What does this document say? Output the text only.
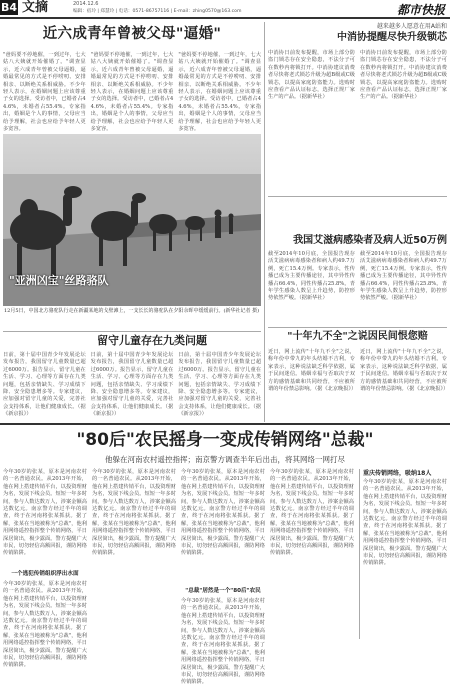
B4 文摘	2014.12.6
编辑：宿玲 | 郑慧玲 | 电话：0571-86757116 | E-mail：zhing0570@163.com	都市快报
近六成青年曾被父母"逼婚"
"爸妈要不停地催，一到过年，七大姑八大姨就开始催婚了。"调查显示，近六成青年曾被父母逼婚，逼婚最常见的方式是不停唠叨、安排相亲、以断绝关系相威胁。不少年轻人表示，在婚姻问题上应该尊重子女的选择。受访者中，已婚者占44.6%，未婚者占55.4%。专家指出，婚姻是个人的事情，父母应当给予理解，社会也应给予年轻人更多宽容。
"爸妈要不停地催，一到过年，七大姑八大姨就开始催婚了。"调查显示，近六成青年曾被父母逼婚，逼婚最常见的方式是不停唠叨、安排相亲、以断绝关系相威胁。不少年轻人表示，在婚姻问题上应该尊重子女的选择。受访者中，已婚者占44.6%，未婚者占55.4%。专家指出，婚姻是个人的事情，父母应当给予理解，社会也应给予年轻人更多宽容。
"爸妈要不停地催，一到过年，七大姑八大姨就开始催婚了。"调查显示，近六成青年曾被父母逼婚，逼婚最常见的方式是不停唠叨、安排相亲、以断绝关系相威胁。不少年轻人表示，在婚姻问题上应该尊重子女的选择。受访者中，已婚者占44.6%，未婚者占55.4%。专家指出，婚姻是个人的事情，父母应当给予理解，社会也应给予年轻人更多宽容。
"亚洲凶宝"丝路骆队
12月5日，中国北方骆驼队行走在新疆某地的戈壁滩上，一支长长的骆驼队在夕阳余晖中缓缓前行。(新华社记者 摄)
留守儿童存在九类问题
日前，第十届中国青少年发展论坛发布报告，我国留守儿童数量已超过6000万。报告显示，留守儿童在生活、学习、心理等方面存在九类问题，包括亲情缺失、学习成绩下降、安全隐患增多等。专家建议，应加强对留守儿童的关爱，完善社会支持体系，让他们健康成长。（据《新京报》）
日前，第十届中国青少年发展论坛发布报告，我国留守儿童数量已超过6000万。报告显示，留守儿童在生活、学习、心理等方面存在九类问题，包括亲情缺失、学习成绩下降、安全隐患增多等。专家建议，应加强对留守儿童的关爱，完善社会支持体系，让他们健康成长。（据《新京报》）
日前，第十届中国青少年发展论坛发布报告，我国留守儿童数量已超过6000万。报告显示，留守儿童在生活、学习、心理等方面存在九类问题，包括亲情缺失、学习成绩下降、安全隐患增多等。专家建议，应加强对留守儿童的关爱，完善社会支持体系，让他们健康成长。（据《新京报》）
越来越多人愿意在用A站和
中消协提醒尽快升级锁芯
中消协日前发布提醒，市场上部分防盗门锁芯存在安全隐患，不法分子可在数秒内将锁打开。中消协建议消费者尽快将老式锁芯升级为超B级或C级锁芯，以提高家庭防盗能力。选购时应查看产品认证标志，选择正规厂家生产的产品。（据新华社）
中消协日前发布提醒，市场上部分防盗门锁芯存在安全隐患，不法分子可在数秒内将锁打开。中消协建议消费者尽快将老式锁芯升级为超B级或C级锁芯，以提高家庭防盗能力。选购时应查看产品认证标志，选择正规厂家生产的产品。（据新华社）
我国艾滋病感染者及病人近50万例
截至2014年10月底，全国报告现存活艾滋病病毒感染者和病人约49.7万例，死亡15.4万例。专家表示，性传播已成为主要传播途径，其中异性传播占66.4%，同性传播占25.8%。青年学生感染人数呈上升趋势，防控形势依然严峻。（据新华社）
截至2014年10月底，全国报告现存活艾滋病病毒感染者和病人约49.7万例，死亡15.4万例。专家表示，性传播已成为主要传播途径，其中异性传播占66.4%，同性传播占25.8%。青年学生感染人数呈上升趋势，防控形势依然严峻。（据新华社）
"十年九不全"之说因民间恨您赔
近日，网上流传"十年九不全"之说，称年份中带九的年头结婚不吉利。专家表示，这种说法缺乏科学依据，属于民间迷信。婚姻幸福与否取决于双方的感情基础和共同经营，不应被所谓的年份禁忌影响。（据《北京晚报》）
近日，网上流传"十年九不全"之说，称年份中带九的年头结婚不吉利。专家表示，这种说法缺乏科学依据，属于民间迷信。婚姻幸福与否取决于双方的感情基础和共同经营，不应被所谓的年份禁忌影响。（据《北京晚报》）
"80后"农民摇身一变成传销网络"总裁"
他躲在河南农村遥控指挥；南京警方调查半年后出击，将其网络一网打尽
今年30岁的张某，原本是河南农村的一名普通农民。从2013年开始，他在网上搭建传销平台，以投资理财为名，发展下线会员。短短一年多时间，参与人数达数万人，涉案金额高达数亿元。南京警方经过半年的调查，终于在河南将张某抓获。据了解，张某在当地被称为"总裁"，他利用网络遥控指挥整个传销网络，平日深居简出，极少露面。警方提醒广大市民，切勿轻信高额回报，谨防网络传销陷阱。
一个逃犯传销组织浮出水面
今年30岁的张某，原本是河南农村的一名普通农民。从2013年开始，他在网上搭建传销平台，以投资理财为名，发展下线会员。短短一年多时间，参与人数达数万人，涉案金额高达数亿元。南京警方经过半年的调查，终于在河南将张某抓获。据了解，张某在当地被称为"总裁"，他利用网络遥控指挥整个传销网络，平日深居简出，极少露面。警方提醒广大市民，切勿轻信高额回报，谨防网络传销陷阱。
今年30岁的张某，原本是河南农村的一名普通农民。从2013年开始，他在网上搭建传销平台，以投资理财为名，发展下线会员。短短一年多时间，参与人数达数万人，涉案金额高达数亿元。南京警方经过半年的调查，终于在河南将张某抓获。据了解，张某在当地被称为"总裁"，他利用网络遥控指挥整个传销网络，平日深居简出，极少露面。警方提醒广大市民，切勿轻信高额回报，谨防网络传销陷阱。
今年30岁的张某，原本是河南农村的一名普通农民。从2013年开始，他在网上搭建传销平台，以投资理财为名，发展下线会员。短短一年多时间，参与人数达数万人，涉案金额高达数亿元。南京警方经过半年的调查，终于在河南将张某抓获。据了解，张某在当地被称为"总裁"，他利用网络遥控指挥整个传销网络，平日深居简出，极少露面。警方提醒广大市民，切勿轻信高额回报，谨防网络传销陷阱。
"总裁"居然是一个"80后"农民
今年30岁的张某，原本是河南农村的一名普通农民。从2013年开始，他在网上搭建传销平台，以投资理财为名，发展下线会员。短短一年多时间，参与人数达数万人，涉案金额高达数亿元。南京警方经过半年的调查，终于在河南将张某抓获。据了解，张某在当地被称为"总裁"，他利用网络遥控指挥整个传销网络，平日深居简出，极少露面。警方提醒广大市民，切勿轻信高额回报，谨防网络传销陷阱。
今年30岁的张某，原本是河南农村的一名普通农民。从2013年开始，他在网上搭建传销平台，以投资理财为名，发展下线会员。短短一年多时间，参与人数达数万人，涉案金额高达数亿元。南京警方经过半年的调查，终于在河南将张某抓获。据了解，张某在当地被称为"总裁"，他利用网络遥控指挥整个传销网络，平日深居简出，极少露面。警方提醒广大市民，切勿轻信高额回报，谨防网络传销陷阱。
重庆传销网络，吸纳18人
今年30岁的张某，原本是河南农村的一名普通农民。从2013年开始，他在网上搭建传销平台，以投资理财为名，发展下线会员。短短一年多时间，参与人数达数万人，涉案金额高达数亿元。南京警方经过半年的调查，终于在河南将张某抓获。据了解，张某在当地被称为"总裁"，他利用网络遥控指挥整个传销网络，平日深居简出，极少露面。警方提醒广大市民，切勿轻信高额回报，谨防网络传销陷阱。
